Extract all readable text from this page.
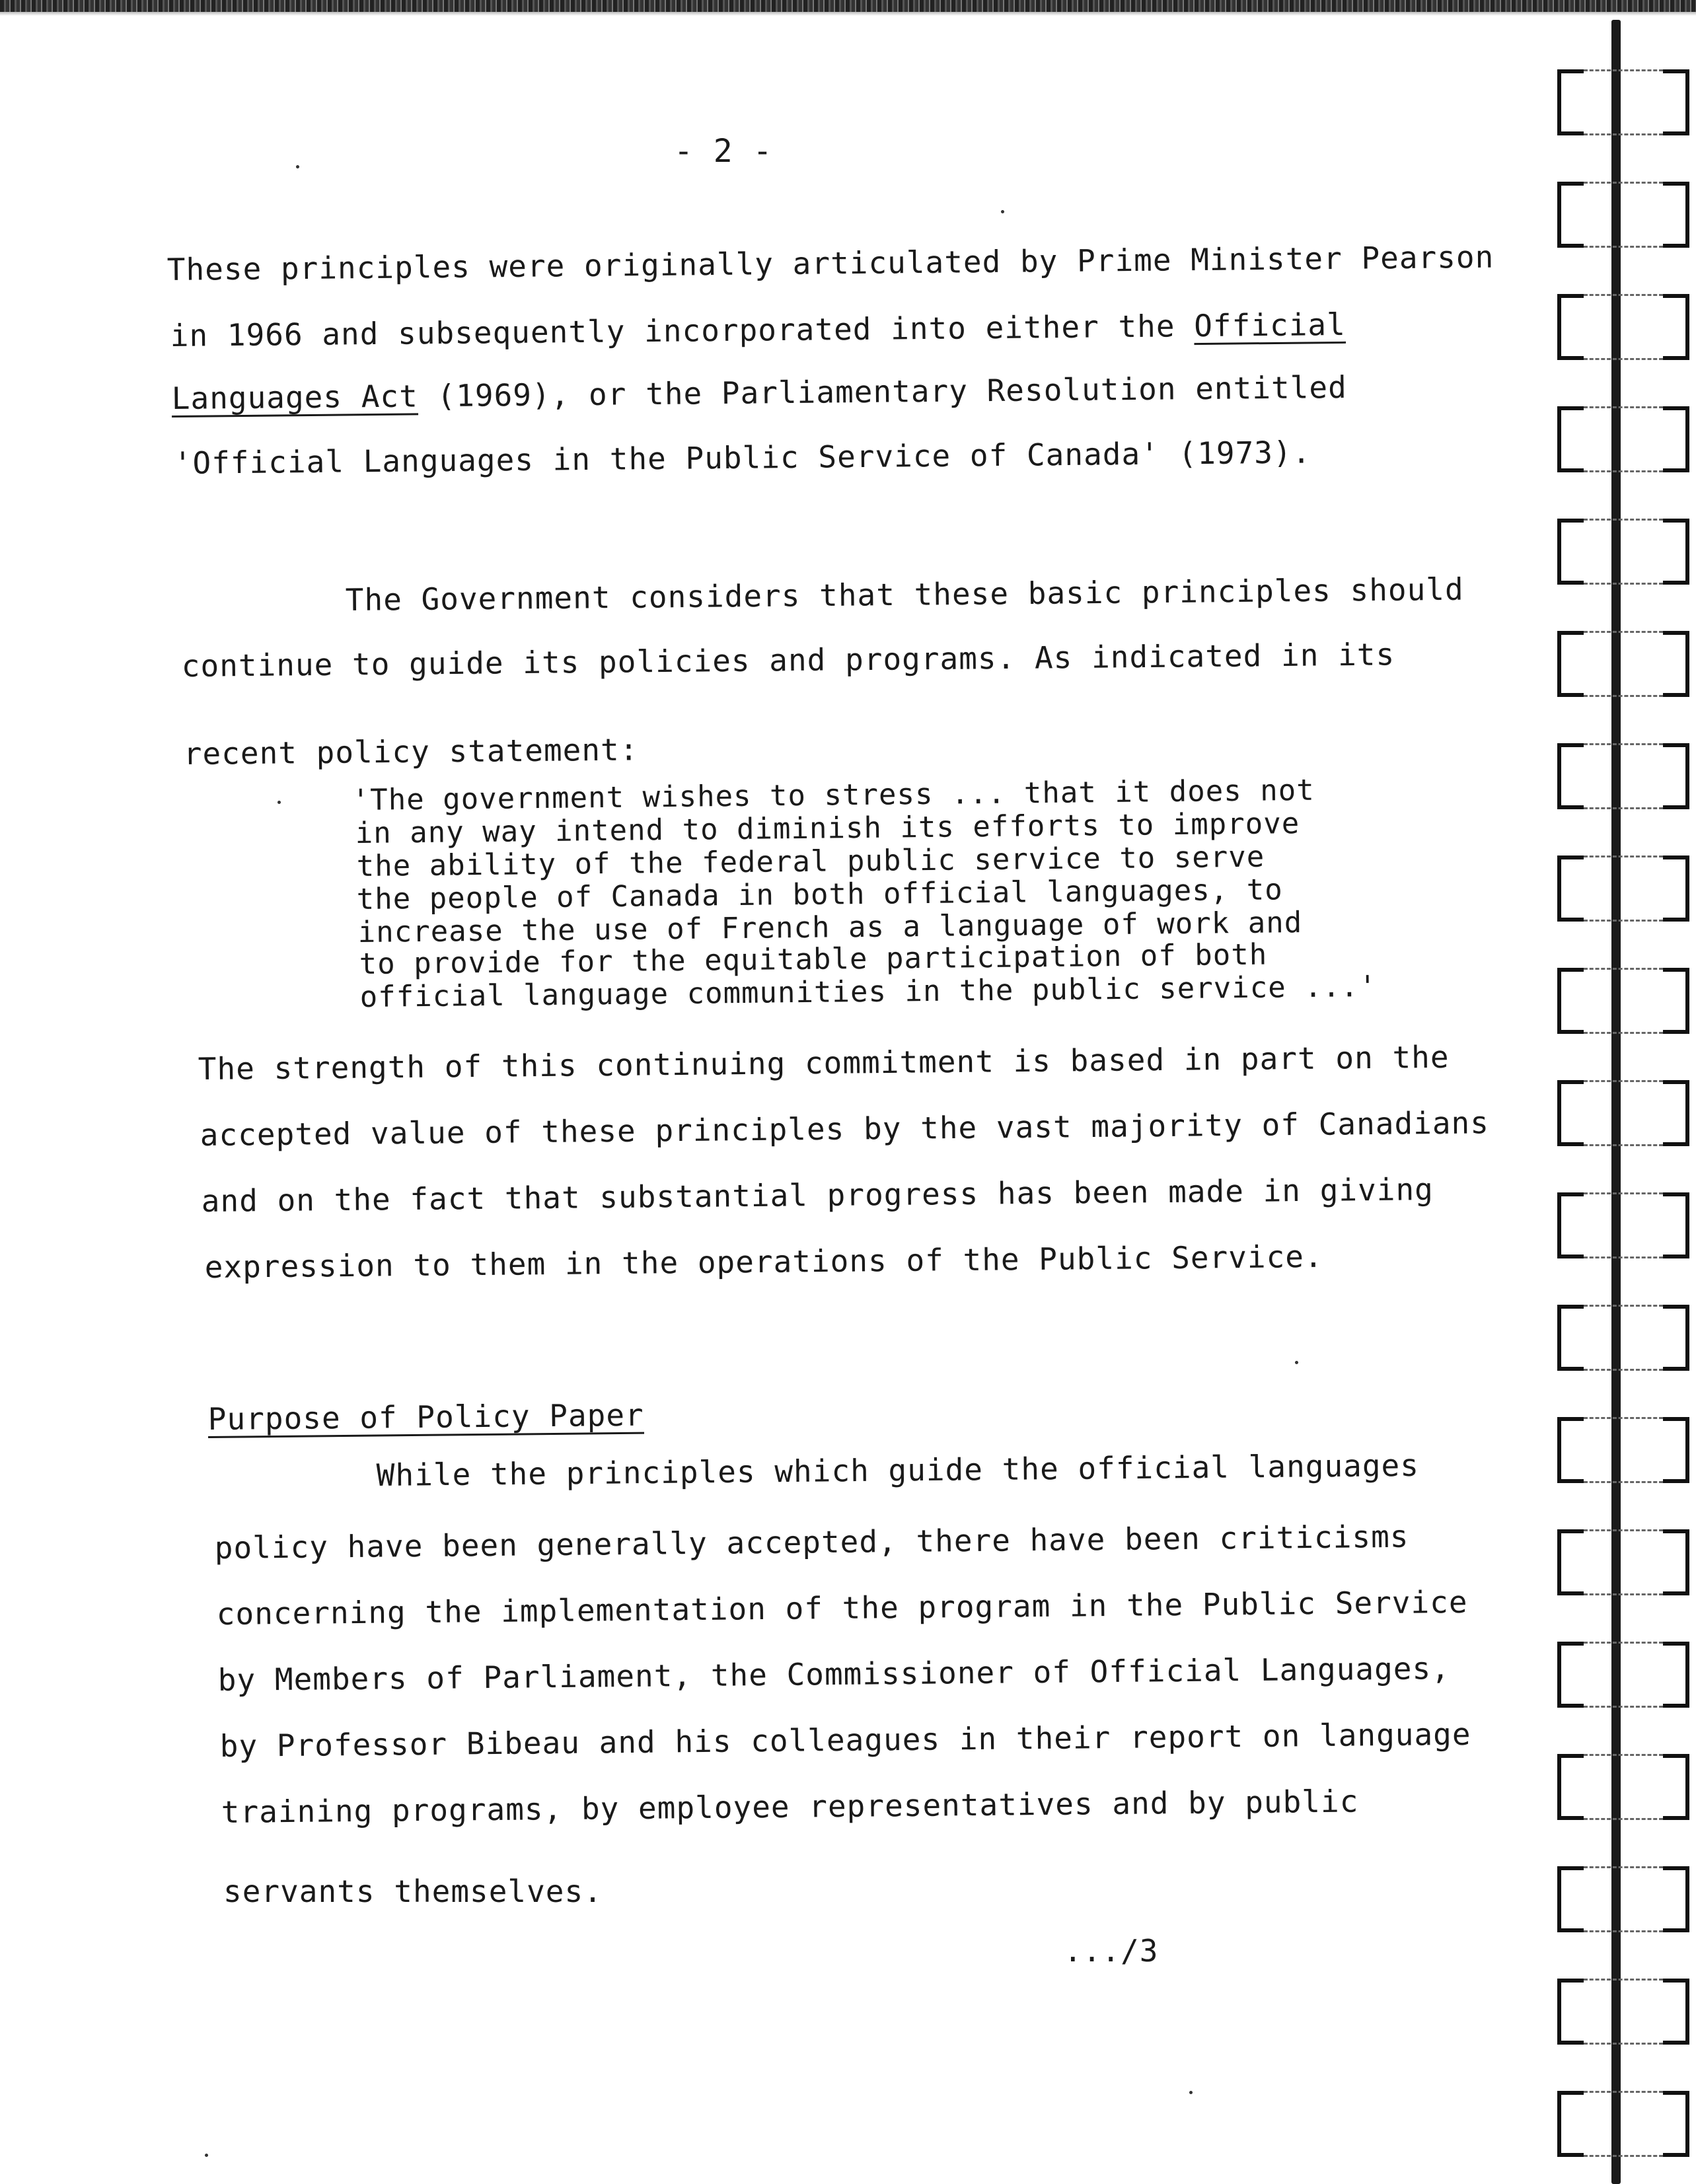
- 2 -
These principles were originally articulated by Prime Minister Pearson
in 1966 and subsequently incorporated into either the Official
Languages Act (1969), or the Parliamentary Resolution entitled
'Official Languages in the Public Service of Canada' (1973).
The Government considers that these basic principles should
continue to guide its policies and programs. As indicated in its
recent policy statement:
'The government wishes to stress ... that it does not
in any way intend to diminish its efforts to improve
the ability of the federal public service to serve
the people of Canada in both official languages, to
increase the use of French as a language of work and
to provide for the equitable participation of both
official language communities in the public service ...'
The strength of this continuing commitment is based in part on the
accepted value of these principles by the vast majority of Canadians
and on the fact that substantial progress has been made in giving
expression to them in the operations of the Public Service.
Purpose of Policy Paper
While the principles which guide the official languages
policy have been generally accepted, there have been criticisms
concerning the implementation of the program in the Public Service
by Members of Parliament, the Commissioner of Official Languages,
by Professor Bibeau and his colleagues in their report on language
training programs, by employee representatives and by public
servants themselves.
.../3
